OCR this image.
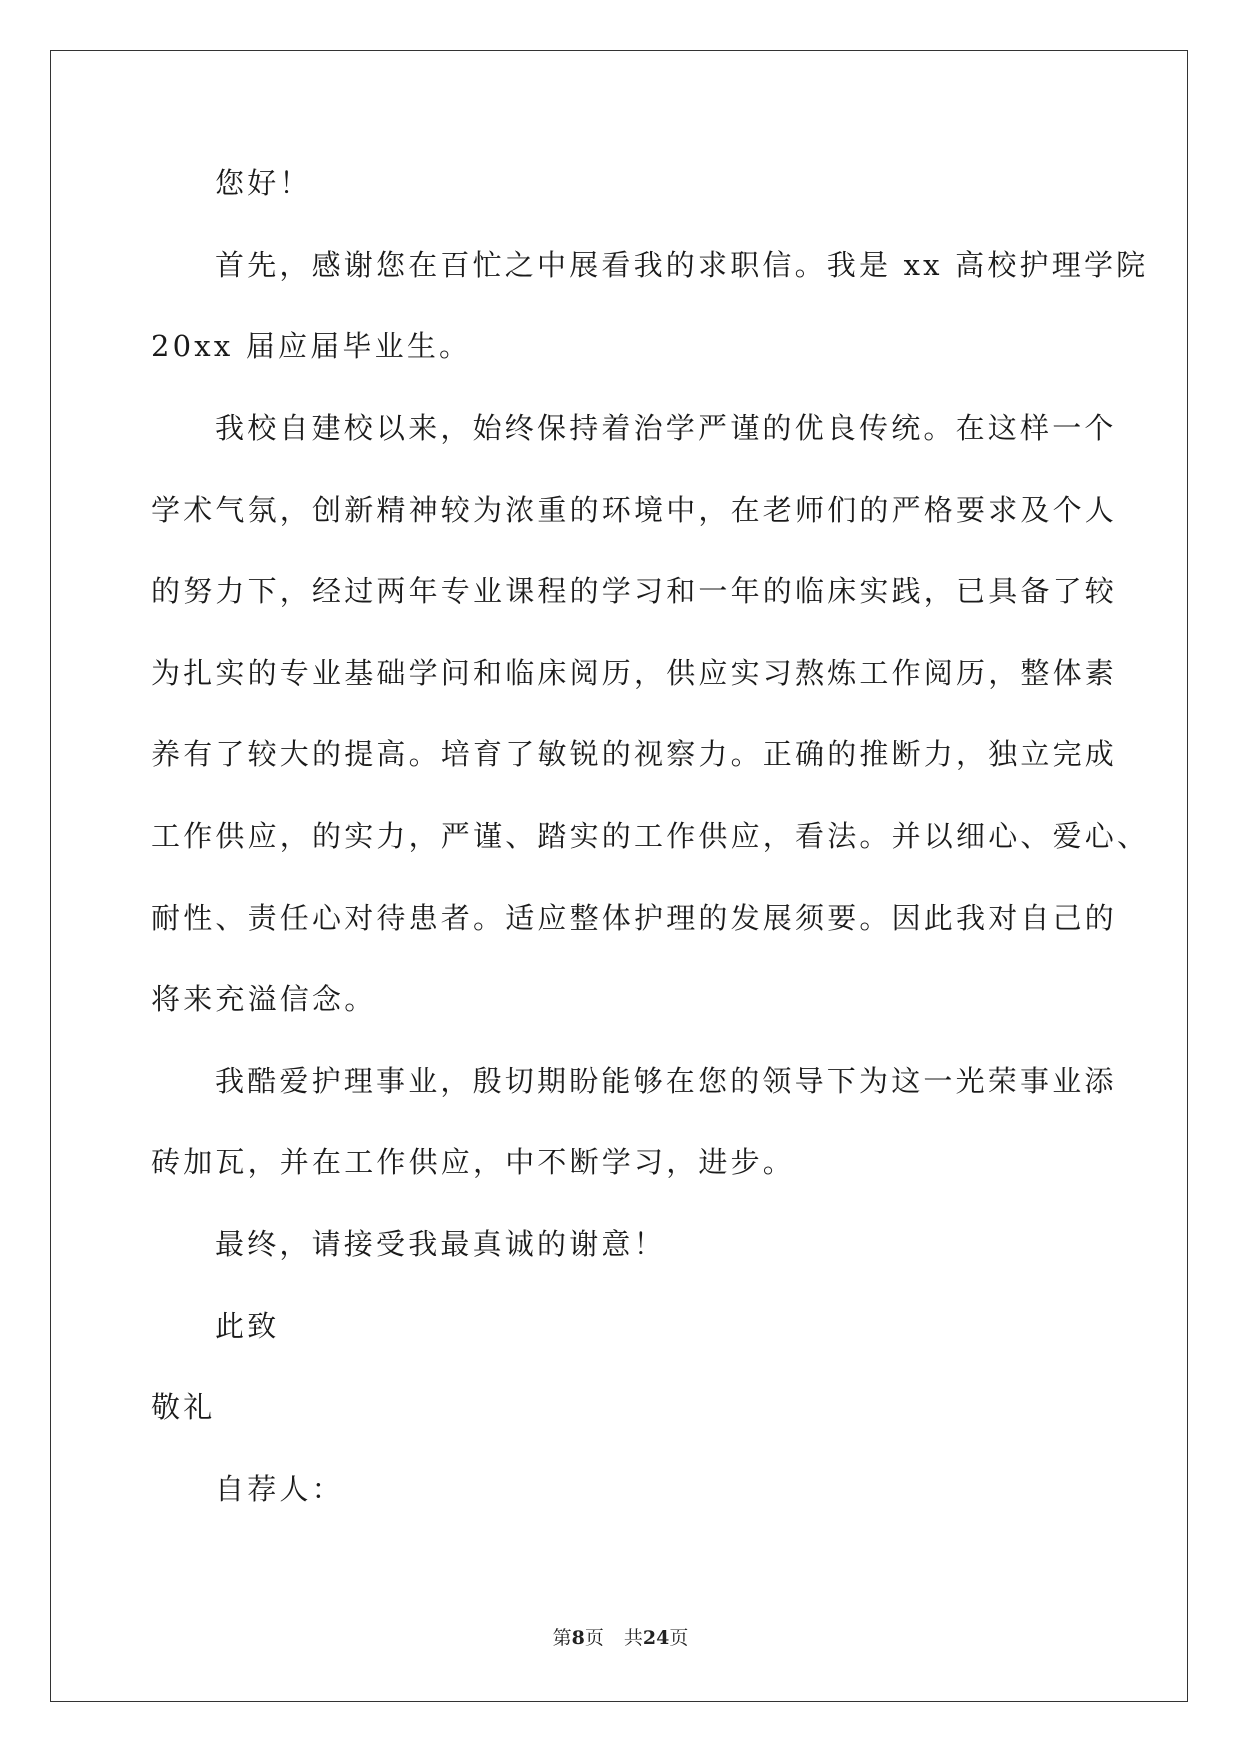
您好！
首先，感谢您在百忙之中展看我的求职信。我是 xx 高校护理学院
20xx 届应届毕业生。
我校自建校以来，始终保持着治学严谨的优良传统。在这样一个
学术气氛，创新精神较为浓重的环境中，在老师们的严格要求及个人
的努力下，经过两年专业课程的学习和一年的临床实践，已具备了较
为扎实的专业基础学问和临床阅历，供应实习熬炼工作阅历，整体素
养有了较大的提高。培育了敏锐的视察力。正确的推断力，独立完成
工作供应，的实力，严谨、踏实的工作供应，看法。并以细心、爱心、
耐性、责任心对待患者。适应整体护理的发展须要。因此我对自己的
将来充溢信念。
我酷爱护理事业，殷切期盼能够在您的领导下为这一光荣事业添
砖加瓦，并在工作供应，中不断学习，进步。
最终，请接受我最真诚的谢意！
此致
敬礼
自荐人：
第8页 共24页
